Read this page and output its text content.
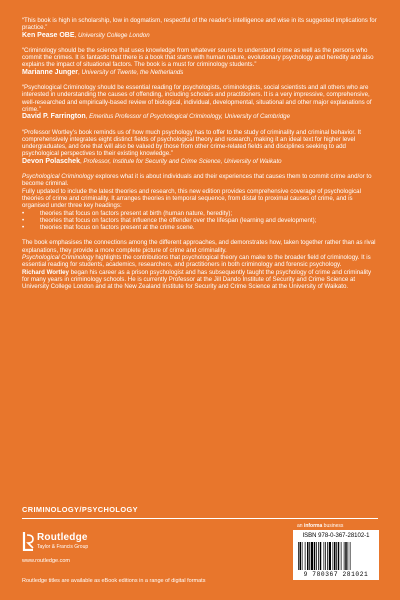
“This book is high in scholarship, low in dogmatism, respectful of the reader’s intelligence and wise in its suggested implications for practice.”
Ken Pease OBE, University College London
“Criminology should be the science that uses knowledge from whatever source to understand crime as well as the persons who commit the crimes. It is fantastic that there is a book that starts with human nature, evolutionary psychology and heredity and also explains the impact of situational factors. The book is a must for criminology students.”
Marianne Junger, University of Twente, the Netherlands
“Psychological Criminology should be essential reading for psychologists, criminologists, social scientists and all others who are interested in understanding the causes of offending, including scholars and practitioners. It is a very impressive, comprehensive, well-researched and empirically-based review of biological, individual, developmental, situational and other major explanations of crime.”
David P. Farrington, Emeritus Professor of Psychological Criminology, University of Cambridge
“Professor Wortley’s book reminds us of how much psychology has to offer to the study of criminality and criminal behavior. It comprehensively integrates eight distinct fields of psychological theory and research, making it an ideal text for higher level undergraduates, and one that will also be valued by those from other crime-related fields and disciplines seeking to add psychological perspectives to their existing knowledge.”
Devon Polaschek, Professor, Institute for Security and Crime Science, University of Waikato

Psychological Criminology explores what it is about individuals and their experiences that causes them to commit crime and/or to become criminal.

Fully updated to include the latest theories and research, this new edition provides comprehensive coverage of psychological theories of crime and criminality. It arranges theories in temporal sequence, from distal to proximal causes of crime, and is organised under three key headings:

• theories that focus on factors present at birth (human nature, heredity);
• theories that focus on factors that influence the offender over the lifespan (learning and development);
• theories that focus on factors present at the crime scene.

The book emphasises the connections among the different approaches, and demonstrates how, taken together rather than as rival explanations, they provide a more complete picture of crime and criminality.

Psychological Criminology highlights the contributions that psychological theory can make to the broader field of criminology. It is essential reading for students, academics, researchers, and practitioners in both criminology and forensic psychology.

Richard Wortley began his career as a prison psychologist and has subsequently taught the psychology of crime and criminality for many years in criminology schools. He is currently Professor at the Jill Dando Institute of Security and Crime Science at University College London and at the New Zealand Institute for Security and Crime Science at the University of Waikato.

CRIMINOLOGY/PSYCHOLOGY
Routledge
Taylor & Francis Group
www.routledge.com
Routledge titles are available as eBook editions in a range of digital formats
an informa business
ISBN 978-0-367-28102-1
9 780367 281021
